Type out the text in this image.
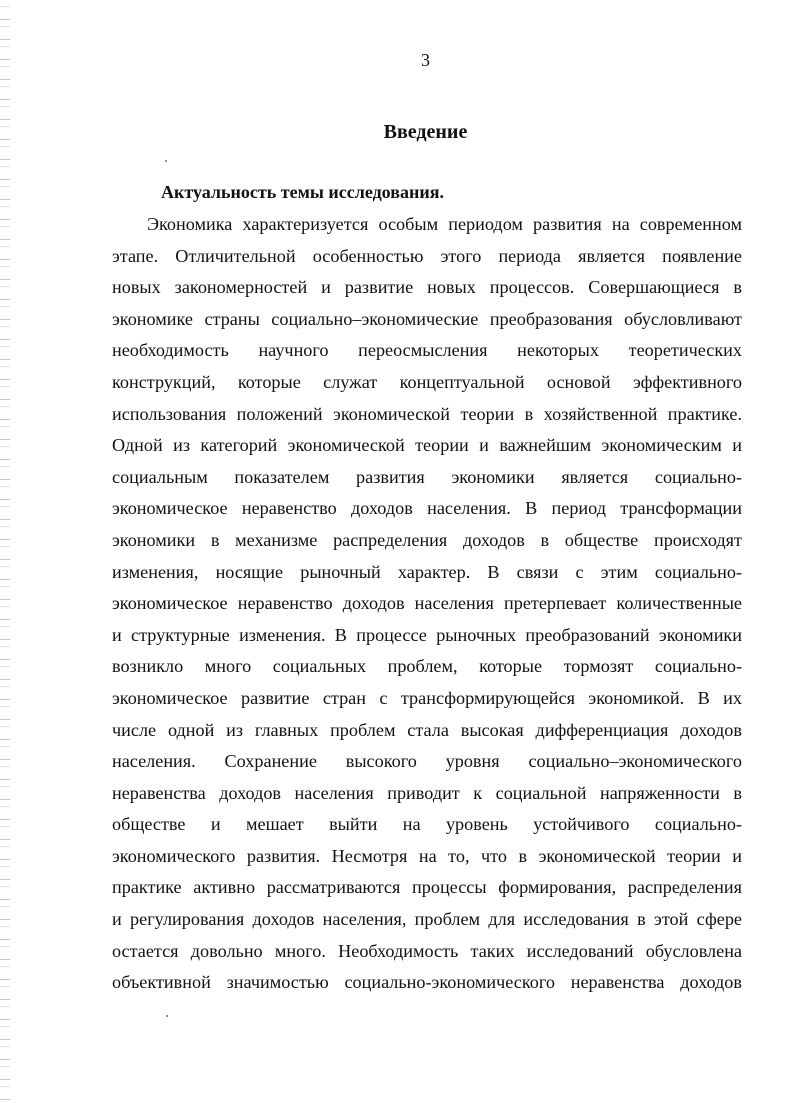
3
Введение
Актуальность темы исследования.
Экономика характеризуется особым периодом развития на современном
этапе. Отличительной особенностью этого периода является появление
новых закономерностей и развитие новых процессов. Совершающиеся в
экономике страны социально–экономические преобразования обусловливают
необходимость научного переосмысления некоторых теоретических
конструкций, которые служат концептуальной основой эффективного
использования положений экономической теории в хозяйственной практике.
Одной из категорий экономической теории и важнейшим экономическим и
социальным показателем развития экономики является социально-
экономическое неравенство доходов населения. В период трансформации
экономики в механизме распределения доходов в обществе происходят
изменения, носящие рыночный характер. В связи с этим социально-
экономическое неравенство доходов населения претерпевает количественные
и структурные изменения. В процессе рыночных преобразований экономики
возникло много социальных проблем, которые тормозят социально-
экономическое развитие стран с трансформирующейся экономикой. В их
числе одной из главных проблем стала высокая дифференциация доходов
населения. Сохранение высокого уровня социально–экономического
неравенства доходов населения приводит к социальной напряженности в
обществе и мешает выйти на уровень устойчивого социально-
экономического развития. Несмотря на то, что в экономической теории и
практике активно рассматриваются процессы формирования, распределения
и регулирования доходов населения, проблем для исследования в этой сфере
остается довольно много. Необходимость таких исследований обусловлена
объективной значимостью социально-экономического неравенства доходов
